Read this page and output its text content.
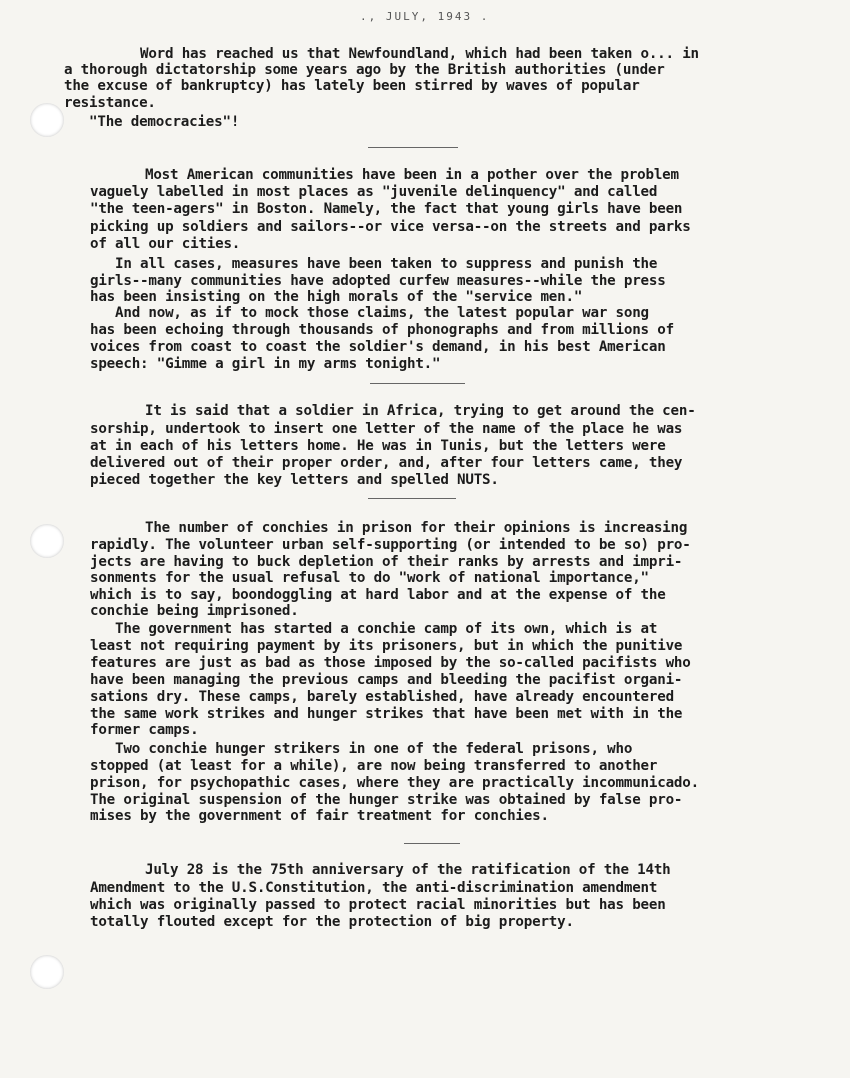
., JULY, 1943 .
Word has reached us that Newfoundland, which had been taken o... in
a thorough dictatorship some years ago by the British authorities (under
the excuse of bankruptcy) has lately been stirred by waves of popular
resistance.
"The democracies"!
Most American communities have been in a pother over the problem
vaguely labelled in most places as "juvenile delinquency" and called
"the teen-agers" in Boston. Namely, the fact that young girls have been
picking up soldiers and sailors--or vice versa--on the streets and parks
of all our cities.
In all cases, measures have been taken to suppress and punish the
girls--many communities have adopted curfew measures--while the press
has been insisting on the high morals of the "service men."
And now, as if to mock those claims, the latest popular war song
has been echoing through thousands of phonographs and from millions of
voices from coast to coast the soldier's demand, in his best American
speech: "Gimme a girl in my arms tonight."
It is said that a soldier in Africa, trying to get around the cen-
sorship, undertook to insert one letter of the name of the place he was
at in each of his letters home. He was in Tunis, but the letters were
delivered out of their proper order, and, after four letters came, they
pieced together the key letters and spelled NUTS.
The number of conchies in prison for their opinions is increasing
rapidly. The volunteer urban self-supporting (or intended to be so) pro-
jects are having to buck depletion of their ranks by arrests and impri-
sonments for the usual refusal to do "work of national importance,"
which is to say, boondoggling at hard labor and at the expense of the
conchie being imprisoned.
The government has started a conchie camp of its own, which is at
least not requiring payment by its prisoners, but in which the punitive
features are just as bad as those imposed by the so-called pacifists who
have been managing the previous camps and bleeding the pacifist organi-
sations dry. These camps, barely established, have already encountered
the same work strikes and hunger strikes that have been met with in the
former camps.
Two conchie hunger strikers in one of the federal prisons, who
stopped (at least for a while), are now being transferred to another
prison, for psychopathic cases, where they are practically incommunicado.
The original suspension of the hunger strike was obtained by false pro-
mises by the government of fair treatment for conchies.
July 28 is the 75th anniversary of the ratification of the 14th
Amendment to the U.S.Constitution, the anti-discrimination amendment
which was originally passed to protect racial minorities but has been
totally flouted except for the protection of big property.
